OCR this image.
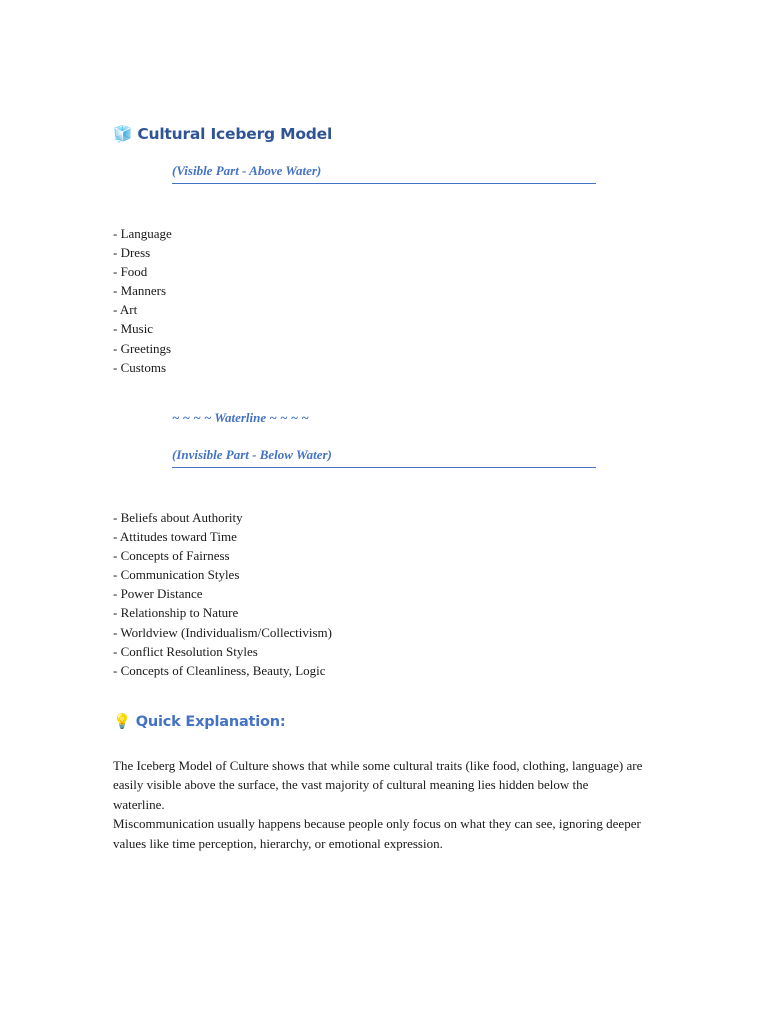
🧊 Cultural Iceberg Model
(Visible Part - Above Water)
- Language
- Dress
- Food
- Manners
- Art
- Music
- Greetings
- Customs
~ ~ ~ ~ Waterline ~ ~ ~ ~
(Invisible Part - Below Water)
- Beliefs about Authority
- Attitudes toward Time
- Concepts of Fairness
- Communication Styles
- Power Distance
- Relationship to Nature
- Worldview (Individualism/Collectivism)
- Conflict Resolution Styles
- Concepts of Cleanliness, Beauty, Logic
💡 Quick Explanation:

The Iceberg Model of Culture shows that while some cultural traits (like food, clothing, language) are easily visible above the surface, the vast majority of cultural meaning lies hidden below the waterline.

Miscommunication usually happens because people only focus on what they can see, ignoring deeper values like time perception, hierarchy, or emotional expression.
